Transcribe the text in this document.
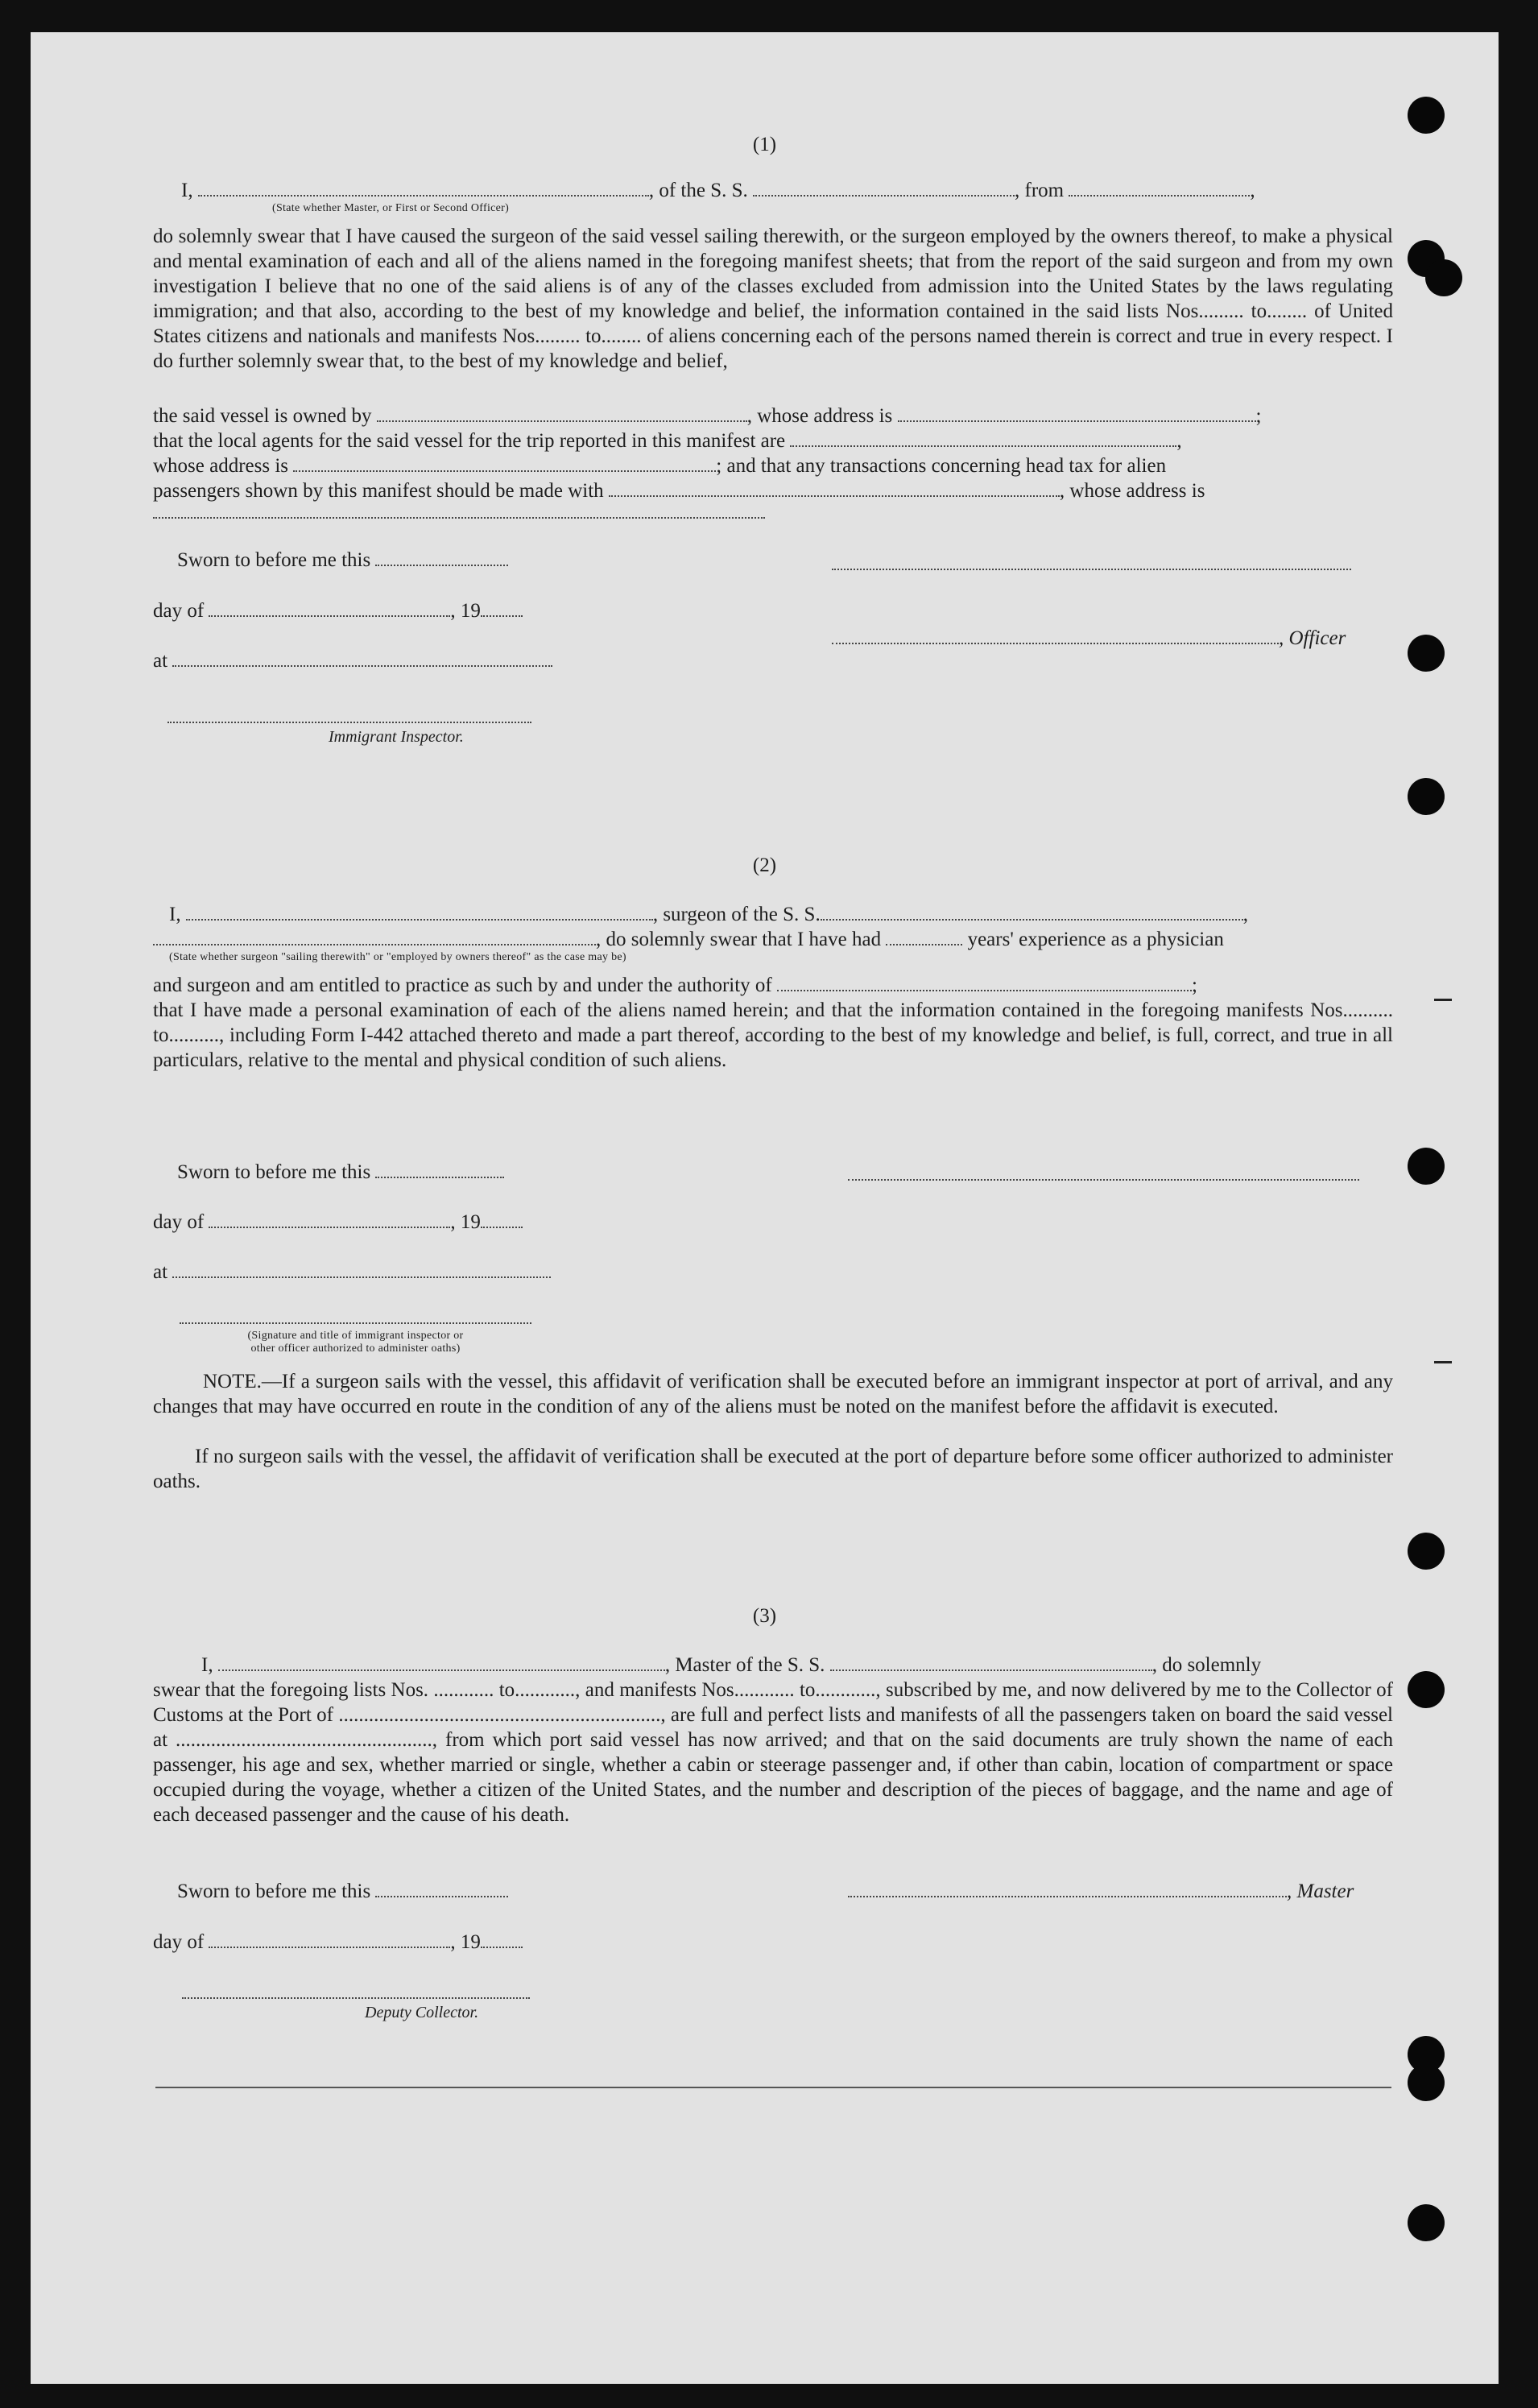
(1)
I,	, of the S. S.	, from	,
(State whether Master, or First or Second Officer)

do solemnly swear that I have caused the surgeon of the said vessel sailing therewith, or the surgeon employed by the owners thereof, to make a physical and mental examination of each and all of the aliens named in the foregoing manifest sheets; that from the report of the said surgeon and from my own investigation I believe that no one of the said aliens is of any of the classes excluded from admission into the United States by the laws regulating immigration; and that also, according to the best of my knowledge and belief, the information contained in the said lists Nos......... to........ of United States citizens and nationals and manifests Nos......... to........ of aliens concerning each of the persons named therein is correct and true in every respect. I do further solemnly swear that, to the best of my knowledge and belief,

the said vessel is owned by	, whose address is	;
that the local agents for the said vessel for the trip reported in this manifest are	,
whose address is	; and that any transactions concerning head tax for alien
passengers shown by this manifest should be made with	, whose address is
Sworn to before me this
day of	, 19
, Officer
at
Immigrant Inspector.
(2)
I,	, surgeon of the S. S.	,
, do solemnly swear that I have had	years' experience as a physician
(State whether surgeon "sailing therewith" or "employed by owners thereof" as the case may be)
and surgeon and am entitled to practice as such by and under the authority of	;

that I have made a personal examination of each of the aliens named herein; and that the information contained in the foregoing manifests Nos.......... to.........., including Form I-442 attached thereto and made a part thereof, according to the best of my knowledge and belief, is full, correct, and true in all particulars, relative to the mental and physical condition of such aliens.

Sworn to before me this
day of	, 19
at
(Signature and title of immigrant inspector or
other officer authorized to administer oaths)

NOTE.—If a surgeon sails with the vessel, this affidavit of verification shall be executed before an immigrant inspector at port of arrival, and any changes that may have occurred en route in the condition of any of the aliens must be noted on the manifest before the affidavit is executed.

If no surgeon sails with the vessel, the affidavit of verification shall be executed at the port of departure before some officer authorized to administer oaths.

(3)
I,	, Master of the S. S.	, do solemnly

swear that the foregoing lists Nos. ............ to............, and manifests Nos............ to............, subscribed by me, and now delivered by me to the Collector of Customs at the Port of ................................................................, are full and perfect lists and manifests of all the passengers taken on board the said vessel at ..................................................., from which port said vessel has now arrived; and that on the said documents are truly shown the name of each passenger, his age and sex, whether married or single, whether a cabin or steerage passenger and, if other than cabin, location of compartment or space occupied during the voyage, whether a citizen of the United States, and the number and description of the pieces of baggage, and the name and age of each deceased passenger and the cause of his death.

Sworn to before me this	, Master
day of	, 19
Deputy Collector.
